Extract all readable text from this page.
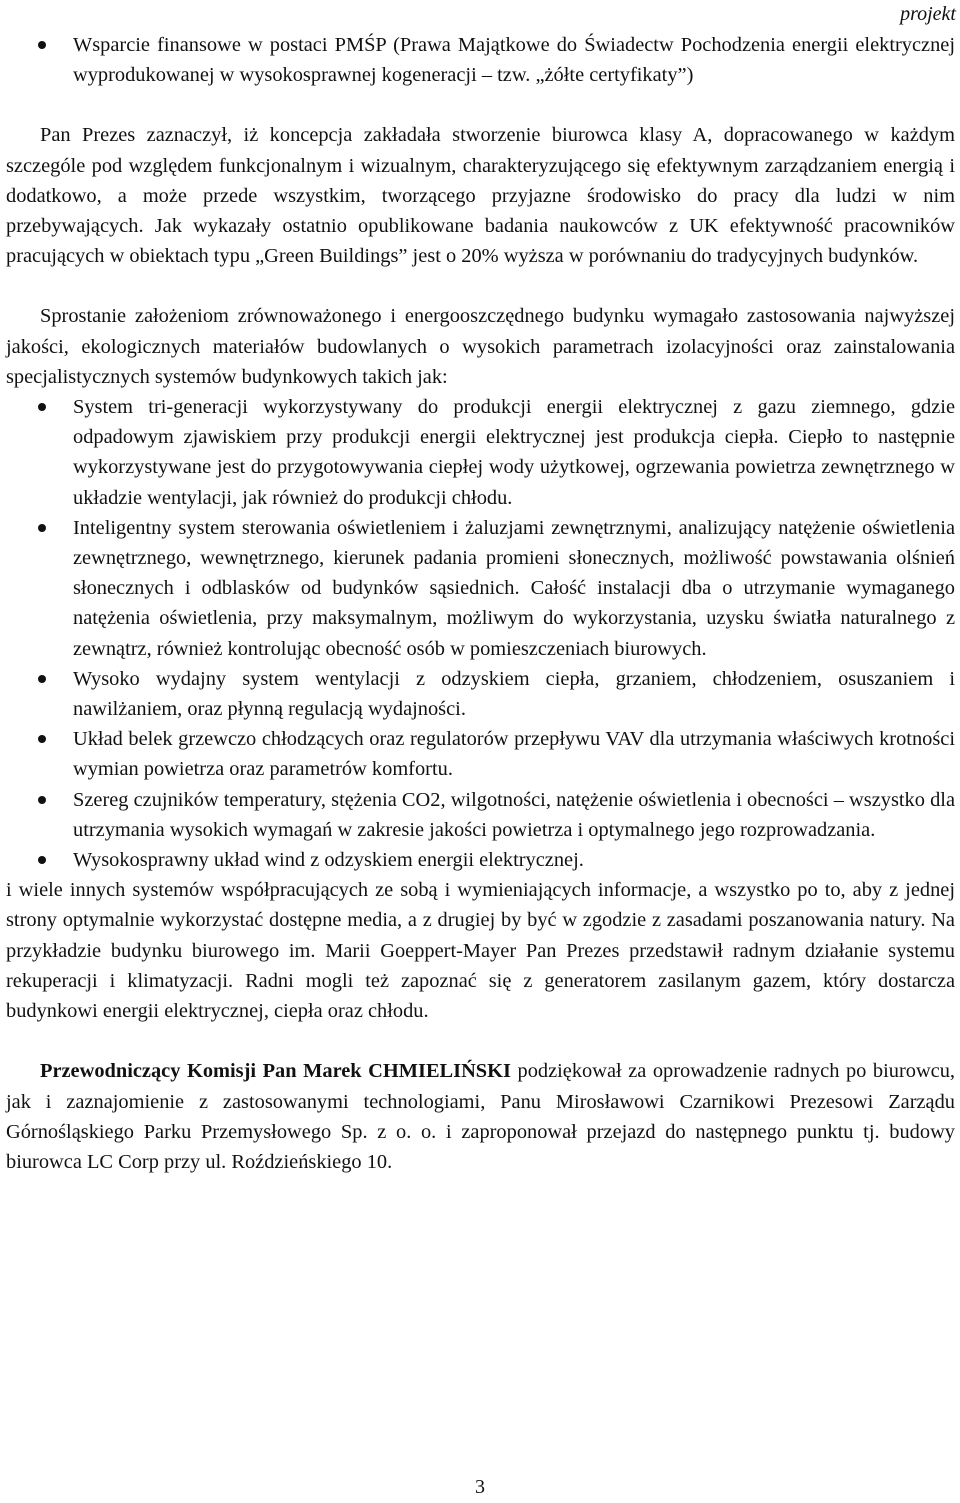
projekt
Wsparcie finansowe w postaci PMŚP (Prawa Majątkowe do Świadectw Pochodzenia energii elektrycznej wyprodukowanej w wysokosprawnej kogeneracji – tzw. „żółte certyfikaty”)

Pan Prezes zaznaczył, iż koncepcja zakładała stworzenie biurowca klasy A, dopracowanego w każdym szczególe pod względem funkcjonalnym i wizualnym, charakteryzującego się efektywnym zarządzaniem energią i dodatkowo, a może przede wszystkim, tworzącego przyjazne środowisko do pracy dla ludzi w nim przebywających. Jak wykazały ostatnio opublikowane badania naukowców z UK efektywność pracowników pracujących w obiektach typu „Green Buildings” jest o 20% wyższa w porównaniu do tradycyjnych budynków.

Sprostanie założeniom zrównoważonego i energooszczędnego budynku wymagało zastosowania najwyższej jakości, ekologicznych materiałów budowlanych o wysokich parametrach izolacyjności oraz zainstalowania specjalistycznych systemów budynkowych takich jak:

System tri-generacji wykorzystywany do produkcji energii elektrycznej z gazu ziemnego, gdzie odpadowym zjawiskiem przy produkcji energii elektrycznej jest produkcja ciepła. Ciepło to następnie wykorzystywane jest do przygotowywania ciepłej wody użytkowej, ogrzewania powietrza zewnętrznego w układzie wentylacji, jak również do produkcji chłodu.
Inteligentny system sterowania oświetleniem i żaluzjami zewnętrznymi, analizujący natężenie oświetlenia zewnętrznego, wewnętrznego, kierunek padania promieni słonecznych, możliwość powstawania olśnień słonecznych i odblasków od budynków sąsiednich. Całość instalacji dba o utrzymanie wymaganego natężenia oświetlenia, przy maksymalnym, możliwym do wykorzystania, uzysku światła naturalnego z zewnątrz, również kontrolując obecność osób w pomieszczeniach biurowych.
Wysoko wydajny system wentylacji z odzyskiem ciepła, grzaniem, chłodzeniem, osuszaniem i nawilżaniem, oraz płynną regulacją wydajności.
Układ belek grzewczo chłodzących oraz regulatorów przepływu VAV dla utrzymania właściwych krotności wymian powietrza oraz parametrów komfortu.
Szereg czujników temperatury, stężenia CO2, wilgotności, natężenie oświetlenia i obecności – wszystko dla utrzymania wysokich wymagań w zakresie jakości powietrza i optymalnego jego rozprowadzania.
Wysokosprawny układ wind z odzyskiem energii elektrycznej.

i wiele innych systemów współpracujących ze sobą i wymieniających informacje, a wszystko po to, aby z jednej strony optymalnie wykorzystać dostępne media, a z drugiej by być w zgodzie z zasadami poszanowania natury. Na przykładzie budynku biurowego im. Marii Goeppert-Mayer Pan Prezes przedstawił radnym działanie systemu rekuperacji i klimatyzacji. Radni mogli też zapoznać się z generatorem zasilanym gazem, który dostarcza budynkowi energii elektrycznej, ciepła oraz chłodu.

Przewodniczący Komisji Pan Marek CHMIELIŃSKI podziękował za oprowadzenie radnych po biurowcu, jak i zaznajomienie z zastosowanymi technologiami, Panu Mirosławowi Czarnikowi Prezesowi Zarządu Górnośląskiego Parku Przemysłowego Sp. z o. o. i zaproponował przejazd do następnego punktu tj. budowy biurowca LC Corp przy ul. Roździeńskiego 10.

3
